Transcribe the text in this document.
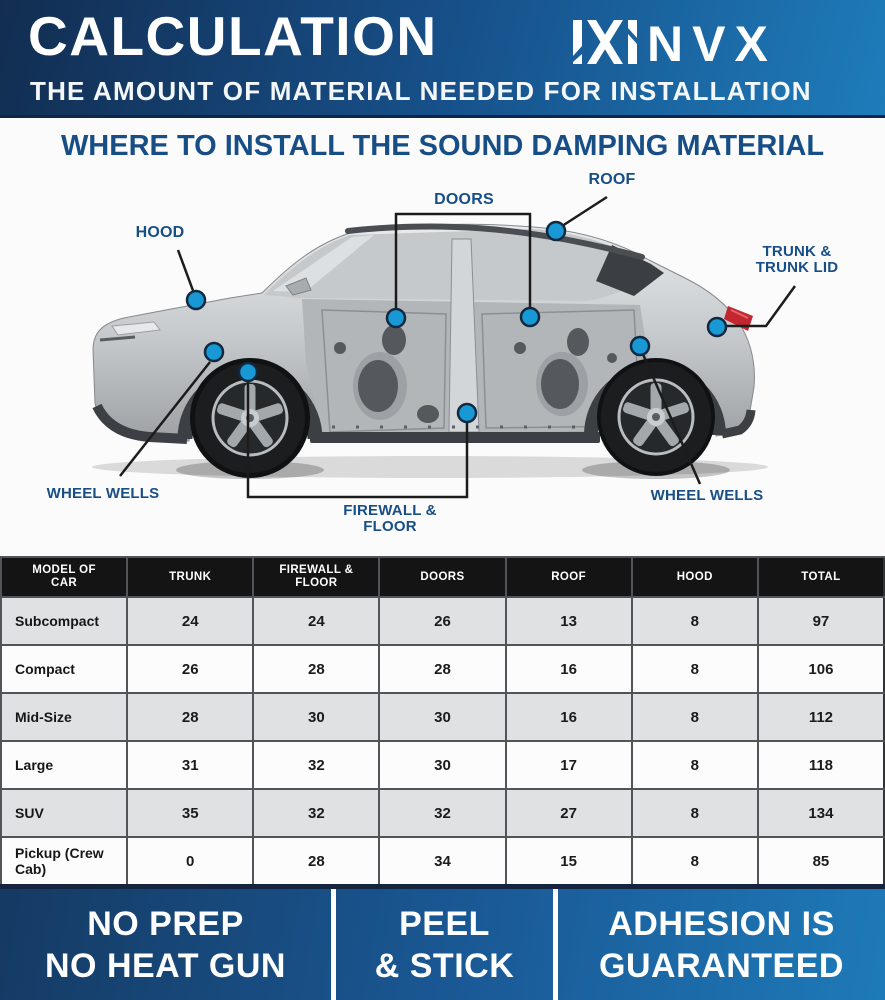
CALCULATION
THE AMOUNT OF MATERIAL NEEDED FOR INSTALLATION
NVX
HOOD
ROOF
DOORS
TRUNK & TRUNK LID
WHEEL WELLS	WHEEL WELLS
FIREWALL & FLOOR
WHERE TO INSTALL THE SOUND DAMPING MATERIAL
MODEL OF CAR	TRUNK	FIREWALL & FLOOR	DOORS	ROOF	HOOD	TOTAL
Subcompact	24	24	26	13	8	97
Compact	26	28	28	16	8	106
Mid-Size	28	30	30	16	8	112
Large	31	32	30	17	8	118
SUV	35	32	32	27	8	134
Pickup (Crew Cab)	0	28	34	15	8	85
NO PREP
NO HEAT GUN
PEEL
& STICK
ADHESION IS
GUARANTEED
